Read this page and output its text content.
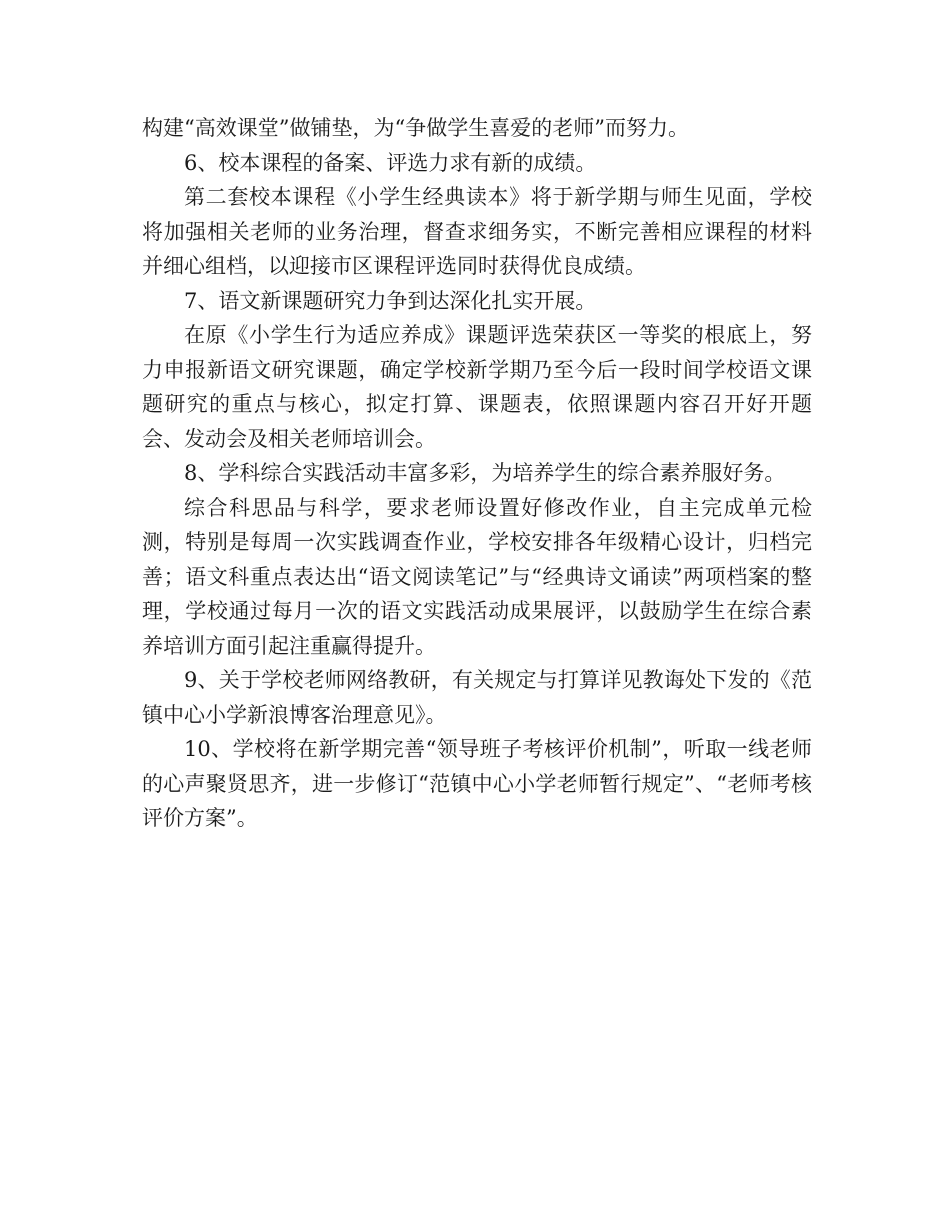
构建“高效课堂”做铺垫，为“争做学生喜爱的老师”而努力。

6、校本课程的备案、评选力求有新的成绩。

第二套校本课程《小学生经典读本》将于新学期与师生见面，学校将加强相关老师的业务治理，督查求细务实，不断完善相应课程的材料并细心组档，以迎接市区课程评选同时获得优良成绩。

7、语文新课题研究力争到达深化扎实开展。

在原《小学生行为适应养成》课题评选荣获区一等奖的根底上，努力申报新语文研究课题，确定学校新学期乃至今后一段时间学校语文课题研究的重点与核心，拟定打算、课题表，依照课题内容召开好开题会、发动会及相关老师培训会。

8、学科综合实践活动丰富多彩，为培养学生的综合素养服好务。

综合科思品与科学，要求老师设置好修改作业，自主完成单元检测，特别是每周一次实践调查作业，学校安排各年级精心设计，归档完善；语文科重点表达出“语文阅读笔记”与“经典诗文诵读”两项档案的整理，学校通过每月一次的语文实践活动成果展评，以鼓励学生在综合素养培训方面引起注重赢得提升。

9、关于学校老师网络教研，有关规定与打算详见教诲处下发的《范镇中心小学新浪博客治理意见》。

10、学校将在新学期完善“领导班子考核评价机制”，听取一线老师的心声聚贤思齐，进一步修订“范镇中心小学老师暂行规定”、“老师考核评价方案”。
